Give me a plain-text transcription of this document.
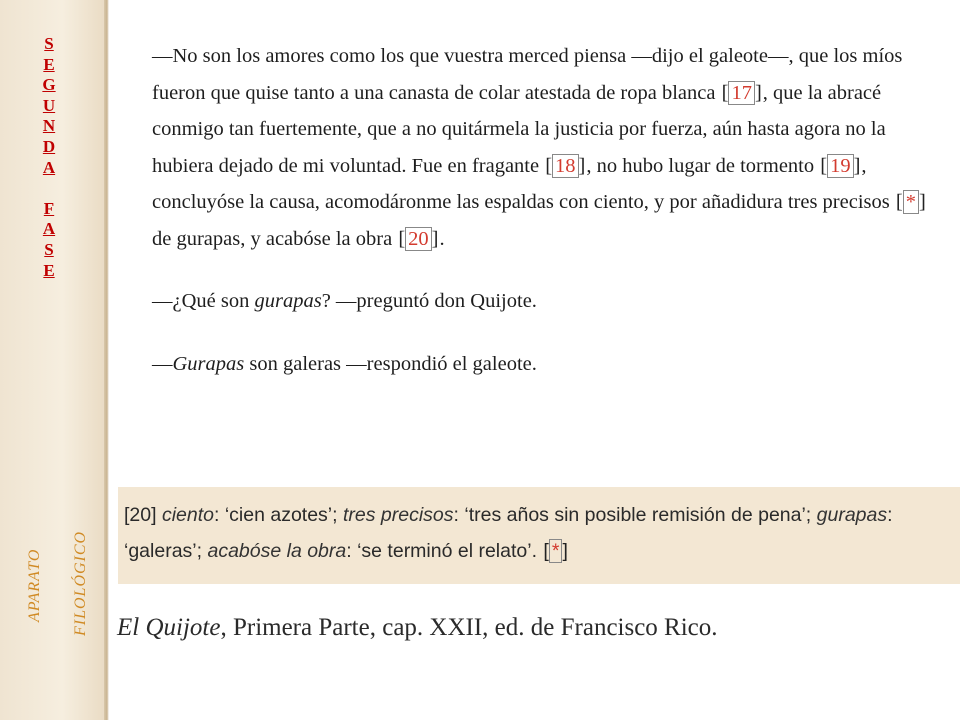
S
E
G
U
N
D
A
F
A
S
E
APARATO FILOLÓGICO

—No son los amores como los que vuestra merced piensa —dijo el galeote—, que los míos fueron que quise tanto a una canasta de colar atestada de ropa blanca [ 17 ], que la abracé conmigo tan fuertemente, que a no quitármela la justicia por fuerza, aún hasta agora no la hubiera dejado de mi voluntad. Fue en fragante [ 18 ], no hubo lugar de tormento [ 19 ], concluyóse la causa, acomodáronme las espaldas con ciento, y por añadidura tres precisos [ * ] de gurapas, y acabóse la obra [ 20 ].

—¿Qué son gurapas? —preguntó don Quijote.

—Gurapas son galeras —respondió el galeote.

[20] ciento: ‘cien azotes’; tres precisos: ‘tres años sin posible remisión de pena’; gurapas: ‘galeras’; acabóse la obra: ‘se terminó el relato’. [ * ]
El Quijote, Primera Parte, cap. XXII, ed. de Francisco Rico.
